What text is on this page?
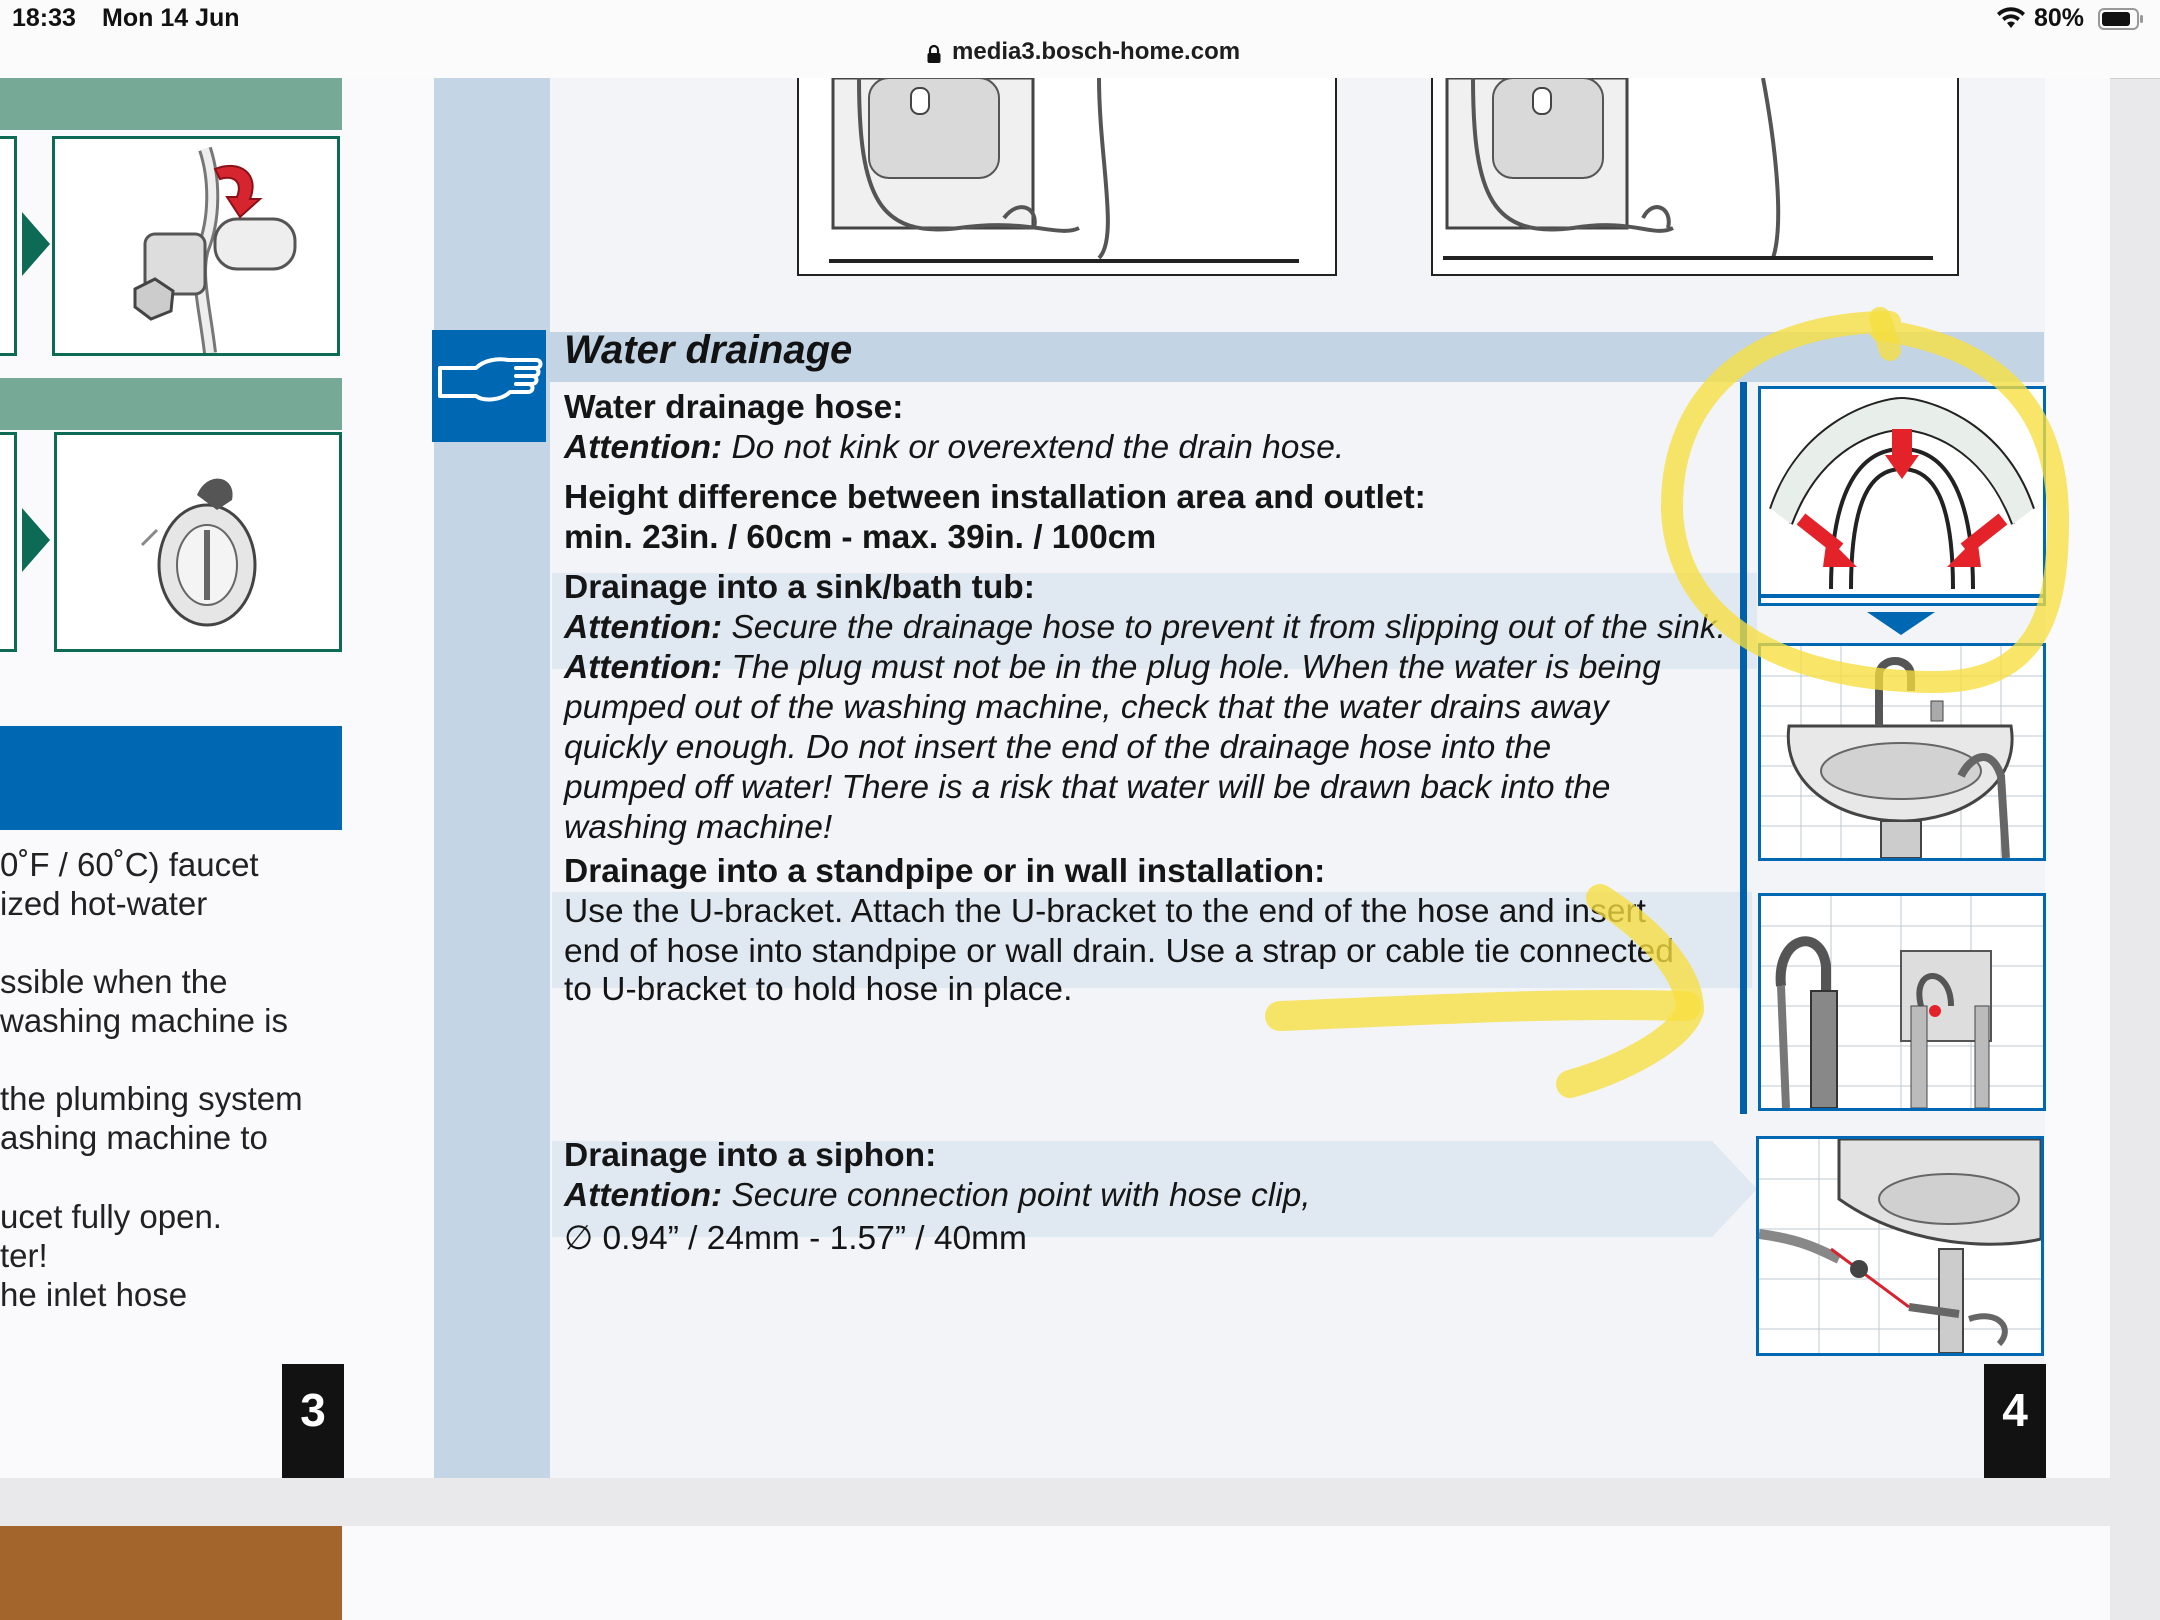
18:33 Mon 14 Jun	80%
media3.bosch-home.com
0˚F / 60˚C) faucet
ized hot-water
ssible when the
washing machine is
the plumbing system
ashing machine to
ucet fully open.
ter!
he inlet hose
3
Water drainage
Water drainage hose:
Attention: Do not kink or overextend the drain hose.
Height difference between installation area and outlet:
min. 23in. / 60cm - max. 39in. / 100cm
Drainage into a sink/bath tub:
Attention: Secure the drainage hose to prevent it from slipping out of the sink.
Attention: The plug must not be in the plug hole. When the water is being
pumped out of the washing machine, check that the water drains away
quickly enough. Do not insert the end of the drainage hose into the
pumped off water! There is a risk that water will be drawn back into the
washing machine!
Drainage into a standpipe or in wall installation:
Use the U-bracket. Attach the U-bracket to the end of the hose and insert
end of hose into standpipe or wall drain. Use a strap or cable tie connected
to U-bracket to hold hose in place.
Drainage into a siphon:
Attention: Secure connection point with hose clip,
∅ 0.94” / 24mm - 1.57” / 40mm
4
